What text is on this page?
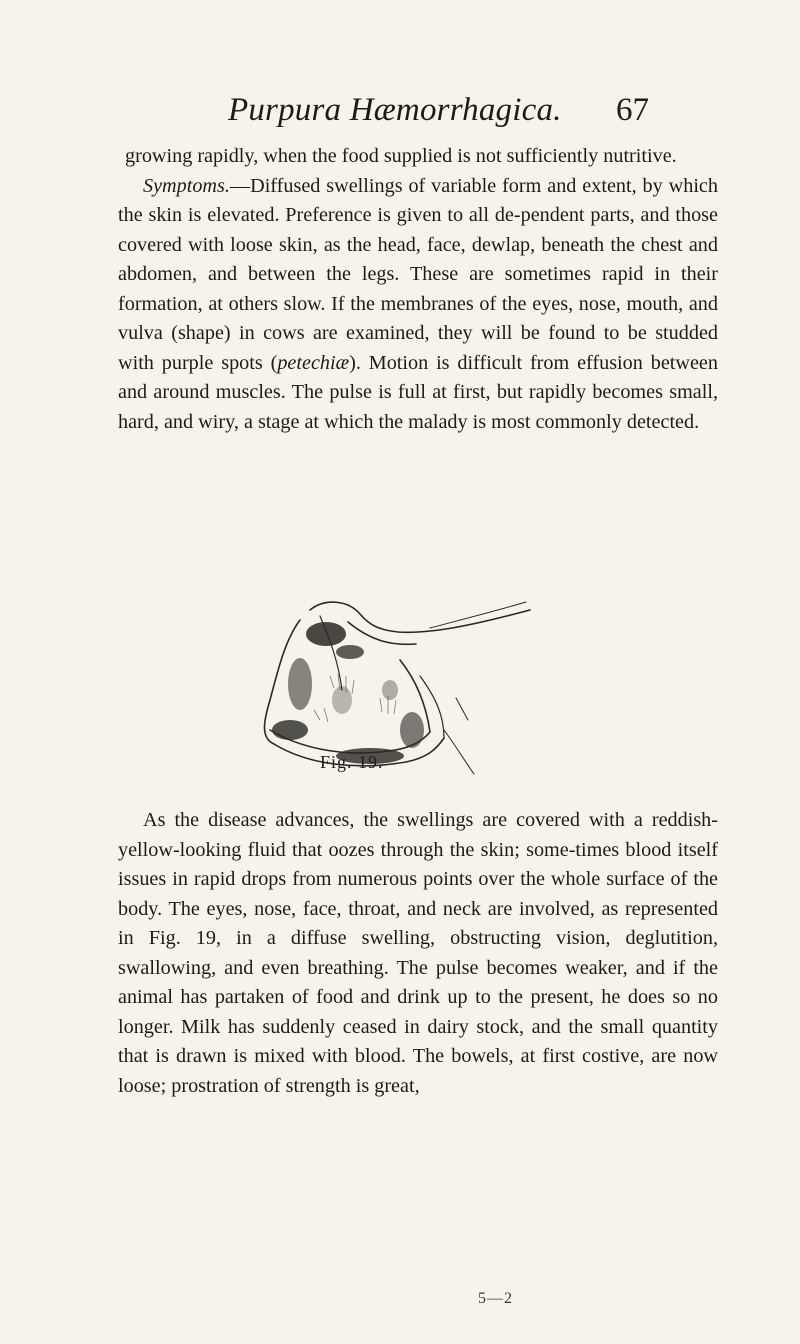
Purpura Hæmorrhagica. 67

growing rapidly, when the food supplied is not sufficiently nutritive.

Symptoms.—Diffused swellings of variable form and extent, by which the skin is elevated. Preference is given to all de-pendent parts, and those covered with loose skin, as the head, face, dewlap, beneath the chest and abdomen, and between the legs. These are sometimes rapid in their formation, at others slow. If the membranes of the eyes, nose, mouth, and vulva (shape) in cows are examined, they will be found to be studded with purple spots (petechiæ). Motion is difficult from effusion between and around muscles. The pulse is full at first, but rapidly becomes small, hard, and wiry, a stage at which the malady is most commonly detected.

Fig. 19.

As the disease advances, the swellings are covered with a reddish-yellow-looking fluid that oozes through the skin; some-times blood itself issues in rapid drops from numerous points over the whole surface of the body. The eyes, nose, face, throat, and neck are involved, as represented in Fig. 19, in a diffuse swelling, obstructing vision, deglutition, swallowing, and even breathing. The pulse becomes weaker, and if the animal has partaken of food and drink up to the present, he does so no longer. Milk has suddenly ceased in dairy stock, and the small quantity that is drawn is mixed with blood. The bowels, at first costive, are now loose; prostration of strength is great,

5—2
